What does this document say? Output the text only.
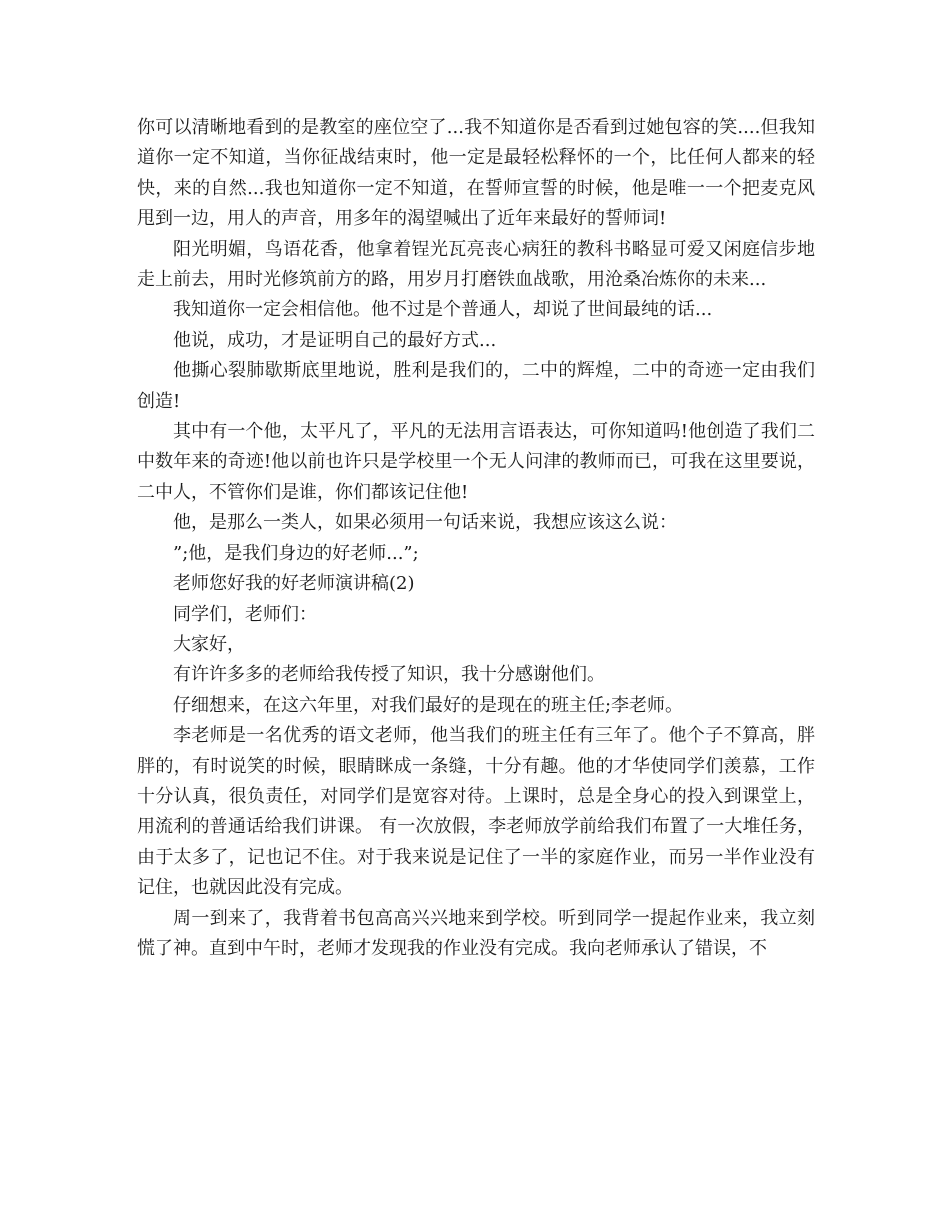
你可以清晰地看到的是教室的座位空了...我不知道你是否看到过她包容的笑....但我知道你一定不知道，当你征战结束时，他一定是最轻松释怀的一个，比任何人都来的轻快，来的自然...我也知道你一定不知道，在誓师宣誓的时候，他是唯一一个把麦克风甩到一边，用人的声音，用多年的渴望喊出了近年来最好的誓师词!

阳光明媚，鸟语花香，他拿着锃光瓦亮丧心病狂的教科书略显可爱又闲庭信步地走上前去，用时光修筑前方的路，用岁月打磨铁血战歌，用沧桑冶炼你的未来...

我知道你一定会相信他。他不过是个普通人，却说了世间最纯的话...

他说，成功，才是证明自己的最好方式...

他撕心裂肺歇斯底里地说，胜利是我们的，二中的辉煌，二中的奇迹一定由我们创造!

其中有一个他，太平凡了，平凡的无法用言语表达，可你知道吗!他创造了我们二中数年来的奇迹!他以前也许只是学校里一个无人问津的教师而已，可我在这里要说，二中人，不管你们是谁，你们都该记住他!

他，是那么一类人，如果必须用一句话来说，我想应该这么说：

”;他，是我们身边的好老师...”;

老师您好我的好老师演讲稿(2)

同学们，老师们：

大家好，

有许许多多的老师给我传授了知识，我十分感谢他们。

仔细想来，在这六年里，对我们最好的是现在的班主任;李老师。

李老师是一名优秀的语文老师，他当我们的班主任有三年了。他个子不算高，胖胖的，有时说笑的时候，眼睛眯成一条缝，十分有趣。他的才华使同学们羡慕，工作十分认真，很负责任，对同学们是宽容对待。上课时，总是全身心的投入到课堂上，用流利的普通话给我们讲课。 有一次放假，李老师放学前给我们布置了一大堆任务，由于太多了，记也记不住。对于我来说是记住了一半的家庭作业，而另一半作业没有记住，也就因此没有完成。

周一到来了，我背着书包高高兴兴地来到学校。听到同学一提起作业来，我立刻慌了神。直到中午时，老师才发现我的作业没有完成。我向老师承认了错误，不
